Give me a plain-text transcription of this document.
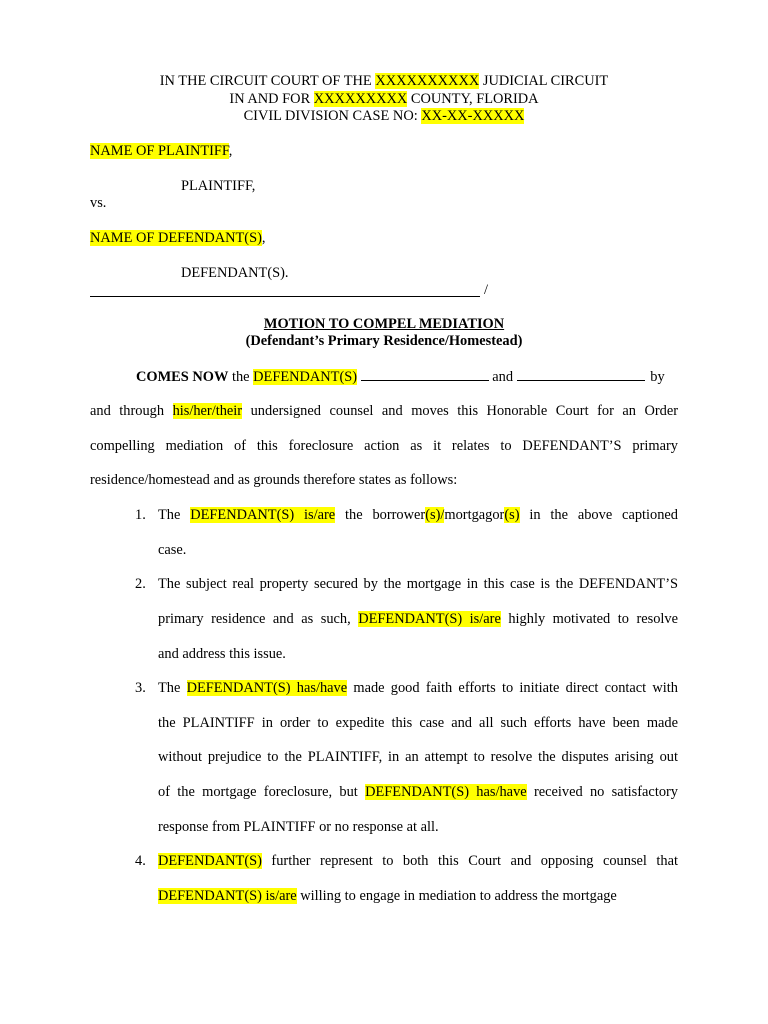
IN THE CIRCUIT COURT OF THE XXXXXXXXXX JUDICIAL CIRCUIT
IN AND FOR XXXXXXXXX COUNTY, FLORIDA
CIVIL DIVISION CASE NO: XX-XX-XXXXX
NAME OF PLAINTIFF,
PLAINTIFF,
vs.
NAME OF DEFENDANT(S),
DEFENDANT(S).
/
MOTION TO COMPEL MEDIATION
(Defendant’s Primary Residence/Homestead)
COMES NOW the DEFENDANT(S)	and	by
and through his/her/their undersigned counsel and moves this Honorable Court for an Order
compelling mediation of this foreclosure action as it relates to DEFENDANT’S primary
residence/homestead and as grounds therefore states as follows:
1. The DEFENDANT(S) is/are the borrower(s)/mortgagor(s) in the above captioned
case.
2. The subject real property secured by the mortgage in this case is the DEFENDANT’S
primary residence and as such, DEFENDANT(S) is/are highly motivated to resolve
and address this issue.
3. The DEFENDANT(S) has/have made good faith efforts to initiate direct contact with
the PLAINTIFF in order to expedite this case and all such efforts have been made
without prejudice to the PLAINTIFF, in an attempt to resolve the disputes arising out
of the mortgage foreclosure, but DEFENDANT(S) has/have received no satisfactory
response from PLAINTIFF or no response at all.
4. DEFENDANT(S) further represent to both this Court and opposing counsel that
DEFENDANT(S) is/are willing to engage in mediation to address the mortgage
